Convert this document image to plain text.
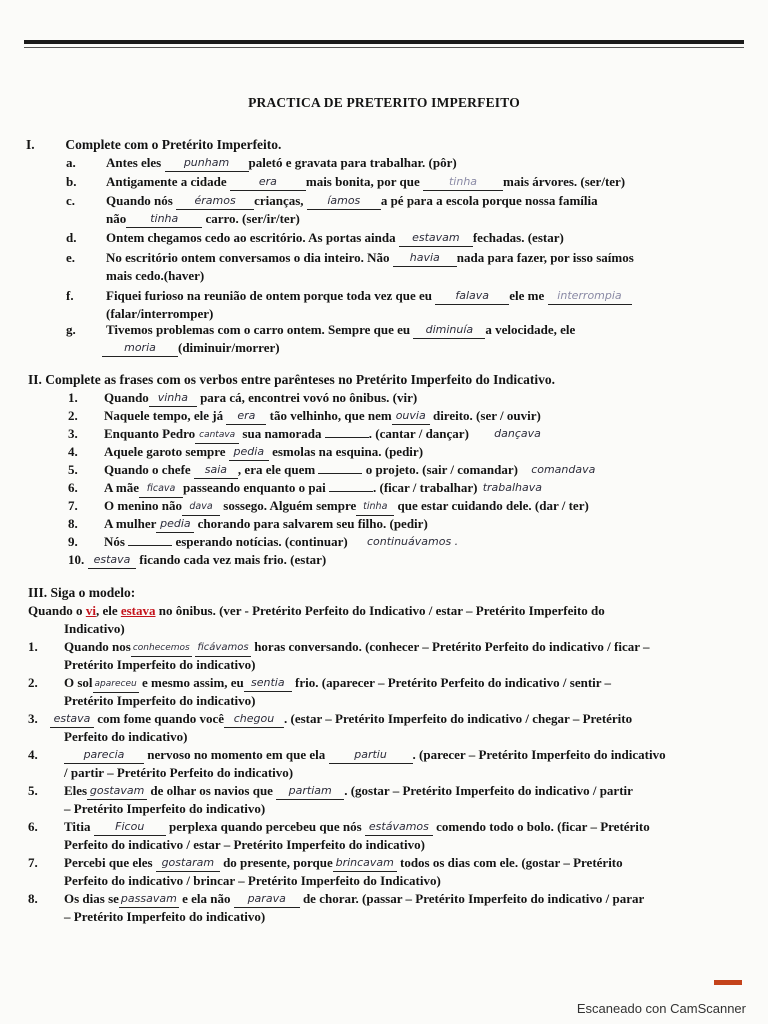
PRACTICA DE PRETERITO IMPERFEITO
I. Complete com o Pretérito Imperfeito.
a. Antes eles punham paletó e gravata para trabalhar. (pôr)
b. Antigamente a cidade	era mais bonita, por que	tinha mais árvores. (ser/ter)
c. Quando nós éramos crianças, íamos a pé para a escola porque nossa família
não tinha carro. (ser/ir/ter)
d. Ontem chegamos cedo ao escritório. As portas ainda estavam fechadas. (estar)
e. No escritório ontem conversamos o dia inteiro. Não havia nada para fazer, por isso saímos
mais cedo.(haver)
f. Fiquei furioso na reunião de ontem porque toda vez que eu falava ele me interrompia
(falar/interromper)
g. Tivemos problemas com o carro ontem. Sempre que eu diminuía a velocidade, ele
moria (diminuir/morrer)
II. Complete as frases com os verbos entre parênteses no Pretérito Imperfeito do Indicativo.
1. Quando vinha para cá, encontrei vovó no ônibus. (vir)
2. Naquele tempo, ele já era tão velhinho, que nem ouvia direito. (ser / ouvir)
3. Enquanto Pedro cantava sua namorada	. (cantar / dançar) dançava
4. Aquele garoto sempre pedia esmolas na esquina. (pedir)
5. Quando o chefe saia , era ele quem	o projeto. (sair / comandar) comandava
6. A mãe ficava passeando enquanto o pai	. (ficar / trabalhar) trabalhava
7. O menino não dava sossego. Alguém sempre tinha que estar cuidando dele. (dar / ter)
8. A mulher pedia chorando para salvarem seu filho. (pedir)
9. Nós	esperando notícias. (continuar) continuávamos .
10. estava ficando cada vez mais frio. (estar)
III. Siga o modelo:
Quando o vi, ele estava no ônibus. (ver - Pretérito Perfeito do Indicativo / estar – Pretérito Imperfeito do
Indicativo)
1. Quando nos conhecemos ficávamos horas conversando. (conhecer – Pretérito Perfeito do indicativo / ficar –
Pretérito Imperfeito do indicativo)
2. O sol apareceu e mesmo assim, eu sentia frio. (aparecer – Pretérito Perfeito do indicativo / sentir –
Pretérito Imperfeito do indicativo)
3. estava com fome quando você chegou . (estar – Pretérito Imperfeito do indicativo / chegar – Pretérito
Perfeito do indicativo)
4.	parecia nervoso no momento em que ela	partiu . (parecer – Pretérito Imperfeito do indicativo
/ partir – Pretérito Perfeito do indicativo)
5. Eles gostavam de olhar os navios que partiam . (gostar – Pretérito Imperfeito do indicativo / partir
– Pretérito Imperfeito do indicativo)
6. Titia Ficou perplexa quando percebeu que nós estávamos comendo todo o bolo. (ficar – Pretérito
Perfeito do indicativo / estar – Pretérito Imperfeito do indicativo)
7. Percebi que eles gostaram do presente, porque brincavam todos os dias com ele. (gostar – Pretérito
Perfeito do indicativo / brincar – Pretérito Imperfeito do Indicativo)
8. Os dias se passavam e ela não parava de chorar. (passar – Pretérito Imperfeito do indicativo / parar
– Pretérito Imperfeito do indicativo)
Escaneado con CamScanner
